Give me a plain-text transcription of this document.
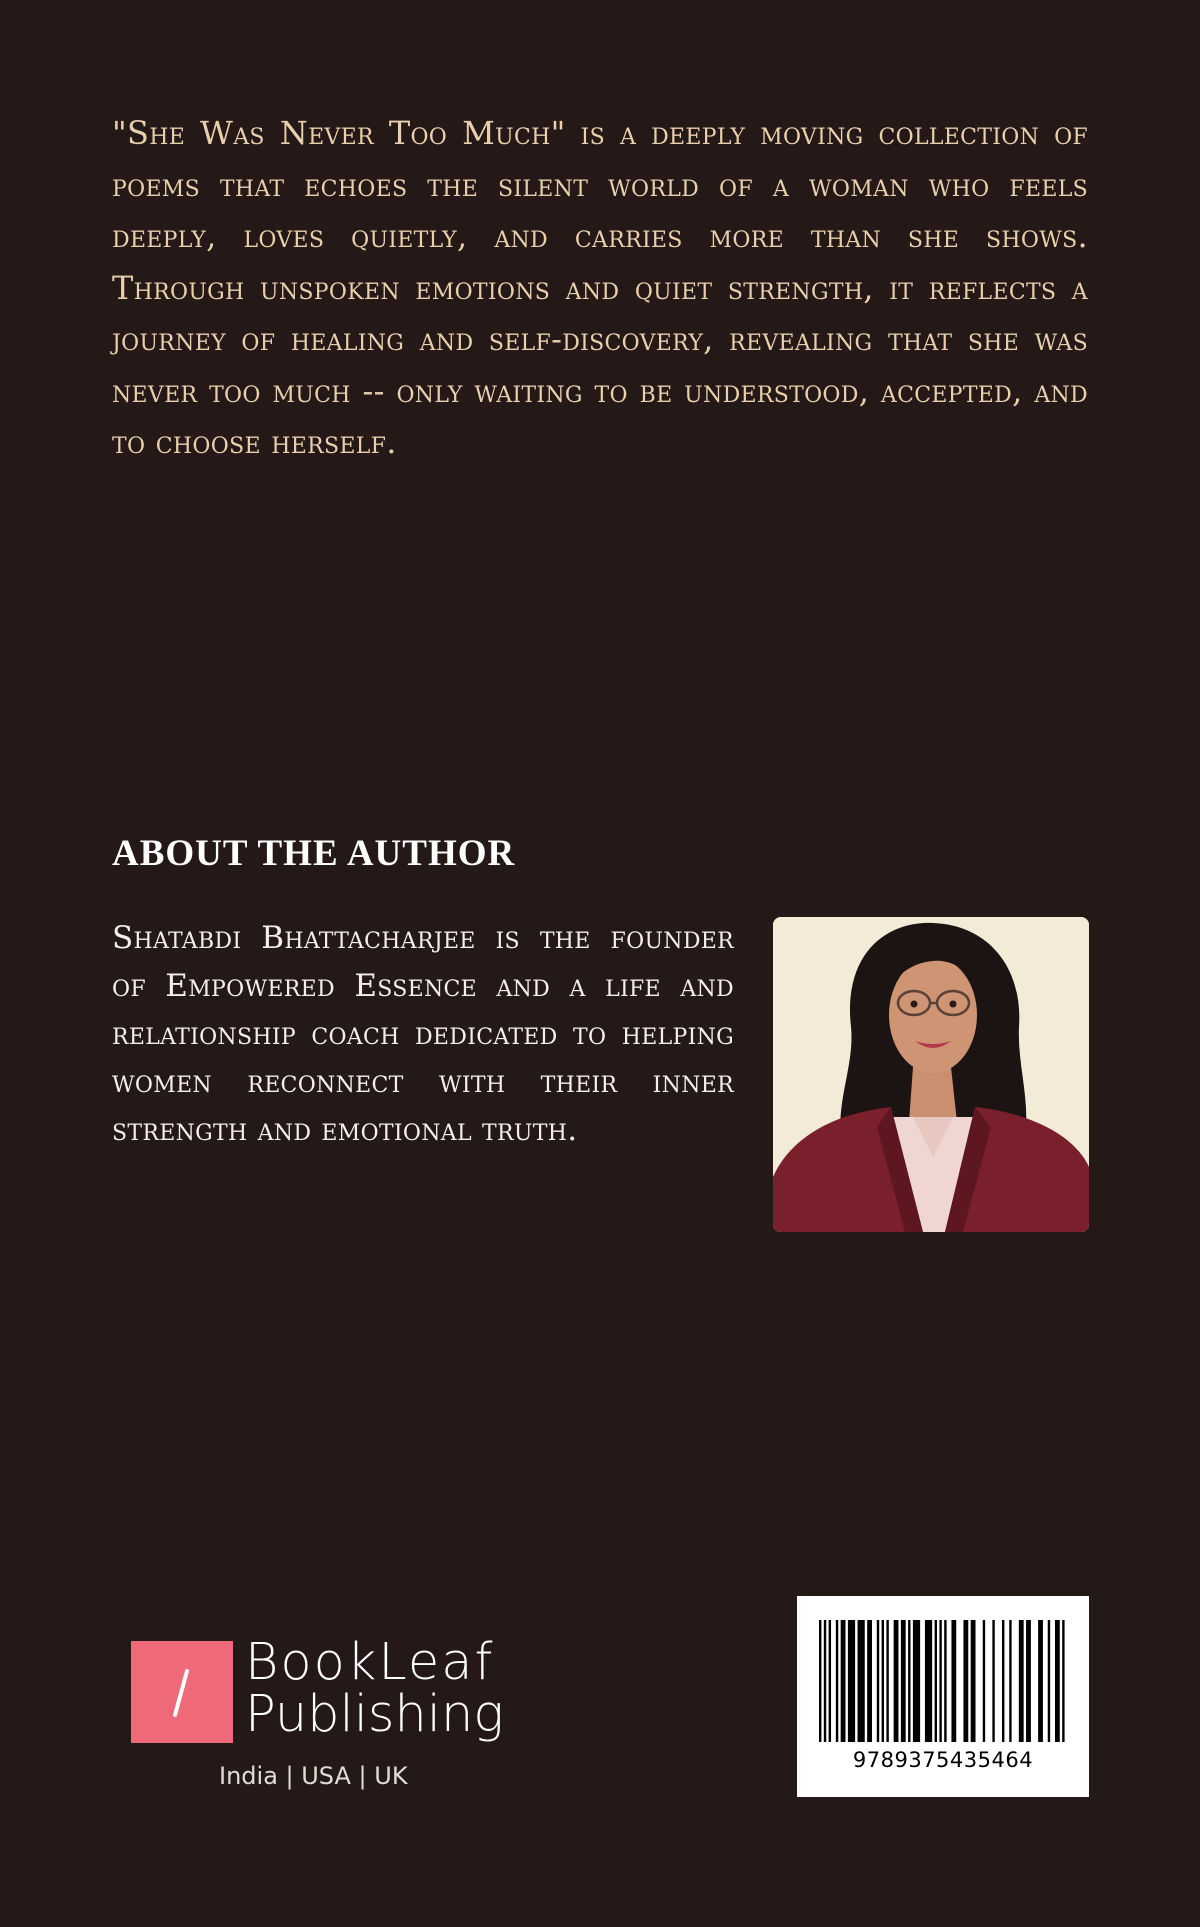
"She Was Never Too Much" is a deeply moving collection of poems that echoes the silent world of a woman who feels deeply, loves quietly, and carries more than she shows. Through unspoken emotions and quiet strength, it reflects a journey of healing and self-discovery, revealing that she was never too much -- only waiting to be understood, accepted, and to choose herself.

ABOUT THE AUTHOR

Shatabdi Bhattacharjee is the founder of Empowered Essence and a life and relationship coach dedicated to helping women reconnect with their inner strength and emotional truth.

BookLeaf
Publishing
India | USA | UK
9789375435464
